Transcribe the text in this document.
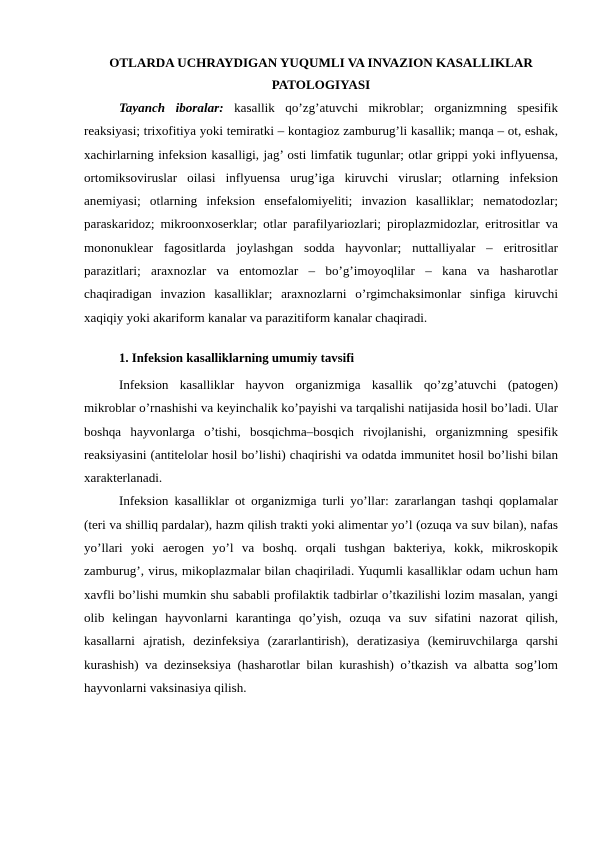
OTLARDA UCHRAYDIGAN YUQUMLI VA INVAZION KASALLIKLAR
PATOLOGIYASI

Tayanch iboralar: kasallik qo’zg’atuvchi mikroblar; organizmning spesifik reaksiyasi; trixofitiya yoki temiratki – kontagioz zamburug’li kasallik; manqa – ot, eshak, xachirlarning infeksion kasalligi, jag’ osti limfatik tugunlar; otlar grippi yoki inflyuensa, ortomiksoviruslar oilasi inflyuensa urug’iga kiruvchi viruslar; otlarning infeksion anemiyasi; otlarning infeksion ensefalomiyeliti; invazion kasalliklar; nematodozlar; paraskaridoz; mikroonxoserklar; otlar parafilyariozlari; piroplazmidozlar, eritrositlar va mononuklear fagositlarda joylashgan sodda hayvonlar; nuttalliyalar – eritrositlar parazitlari; araxnozlar va entomozlar – bo’g’imoyoqlilar – kana va hasharotlar chaqiradigan invazion kasalliklar; araxnozlarni o’rgimchaksimonlar sinfiga kiruvchi xaqiqiy yoki akariform kanalar va parazitiform kanalar chaqiradi.

1. Infeksion kasalliklarning umumiy tavsifi

Infeksion kasalliklar hayvon organizmiga kasallik qo’zg’atuvchi (patogen) mikroblar o’rnashishi va keyinchalik ko’payishi va tarqalishi natijasida hosil bo’ladi. Ular boshqa hayvonlarga o’tishi, bosqichma–bosqich rivojlanishi, organizmning spesifik reaksiyasini (antitelolar hosil bo’lishi) chaqirishi va odatda immunitet hosil bo’lishi bilan xarakterlanadi.

Infeksion kasalliklar ot organizmiga turli yo’llar: zararlangan tashqi qoplamalar (teri va shilliq pardalar), hazm qilish trakti yoki alimentar yo’l (ozuqa va suv bilan), nafas yo’llari yoki aerogen yo’l va boshq. orqali tushgan bakteriya, kokk, mikroskopik zamburug’, virus, mikoplazmalar bilan chaqiriladi. Yuqumli kasalliklar odam uchun ham xavfli bo’lishi mumkin shu sababli profilaktik tadbirlar o’tkazilishi lozim masalan, yangi olib kelingan hayvonlarni karantinga qo’yish, ozuqa va suv sifatini nazorat qilish, kasallarni ajratish, dezinfeksiya (zararlantirish), deratizasiya (kemiruvchilarga qarshi kurashish) va dezinseksiya (hasharotlar bilan kurashish) o’tkazish va albatta sog’lom hayvonlarni vaksinasiya qilish.
